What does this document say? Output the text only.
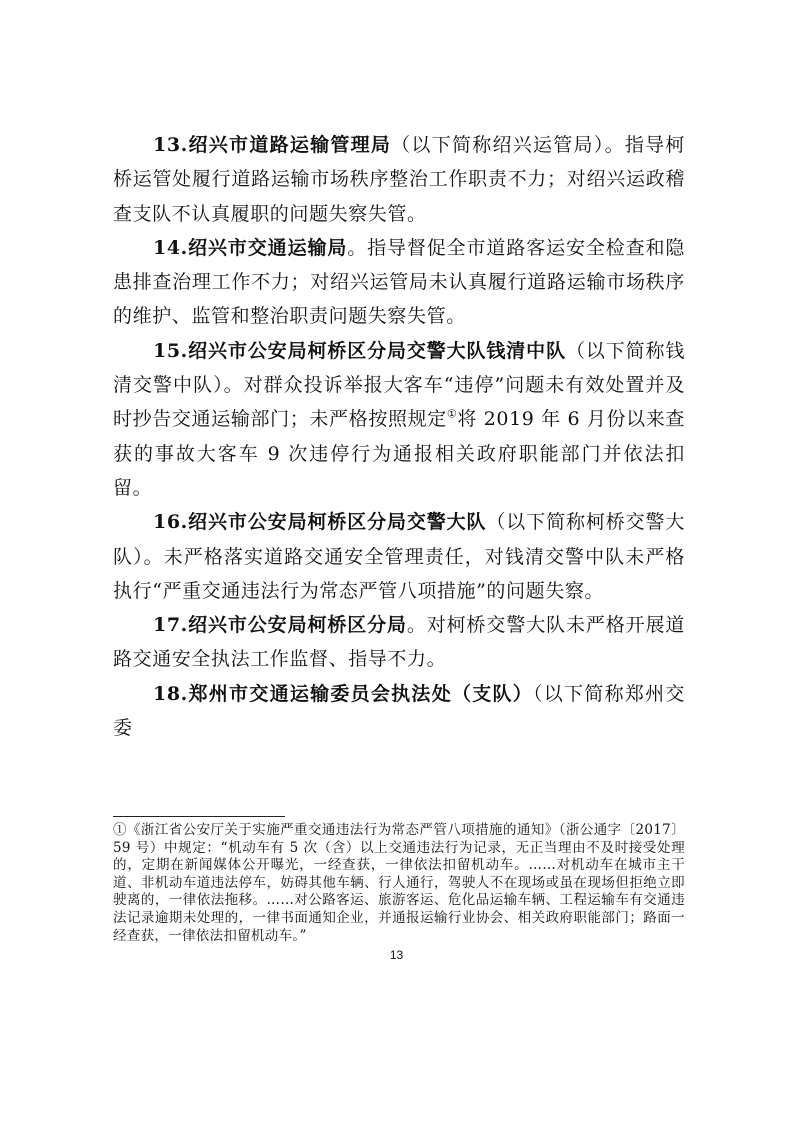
13.绍兴市道路运输管理局（以下简称绍兴运管局）。指导柯桥运管处履行道路运输市场秩序整治工作职责不力；对绍兴运政稽查支队不认真履职的问题失察失管。

14.绍兴市交通运输局。指导督促全市道路客运安全检查和隐患排查治理工作不力；对绍兴运管局未认真履行道路运输市场秩序的维护、监管和整治职责问题失察失管。

15.绍兴市公安局柯桥区分局交警大队钱清中队（以下简称钱清交警中队）。对群众投诉举报大客车“违停”问题未有效处置并及时抄告交通运输部门；未严格按照规定①将 2019 年 6 月份以来查获的事故大客车 9 次违停行为通报相关政府职能部门并依法扣留。

16.绍兴市公安局柯桥区分局交警大队（以下简称柯桥交警大队）。未严格落实道路交通安全管理责任，对钱清交警中队未严格执行“严重交通违法行为常态严管八项措施”的问题失察。

17.绍兴市公安局柯桥区分局。对柯桥交警大队未严格开展道路交通安全执法工作监督、指导不力。

18.郑州市交通运输委员会执法处（支队）（以下简称郑州交委

①《浙江省公安厅关于实施严重交通违法行为常态严管八项措施的通知》（浙公通字〔2017〕59 号）中规定：“机动车有 5 次（含）以上交通违法行为记录，无正当理由不及时接受处理的，定期在新闻媒体公开曝光，一经查获，一律依法扣留机动车。……对机动车在城市主干道、非机动车道违法停车，妨碍其他车辆、行人通行，驾驶人不在现场或虽在现场但拒绝立即驶离的，一律依法拖移。……对公路客运、旅游客运、危化品运输车辆、工程运输车有交通违法记录逾期未处理的，一律书面通知企业，并通报运输行业协会、相关政府职能部门；路面一经查获，一律依法扣留机动车。”
13
